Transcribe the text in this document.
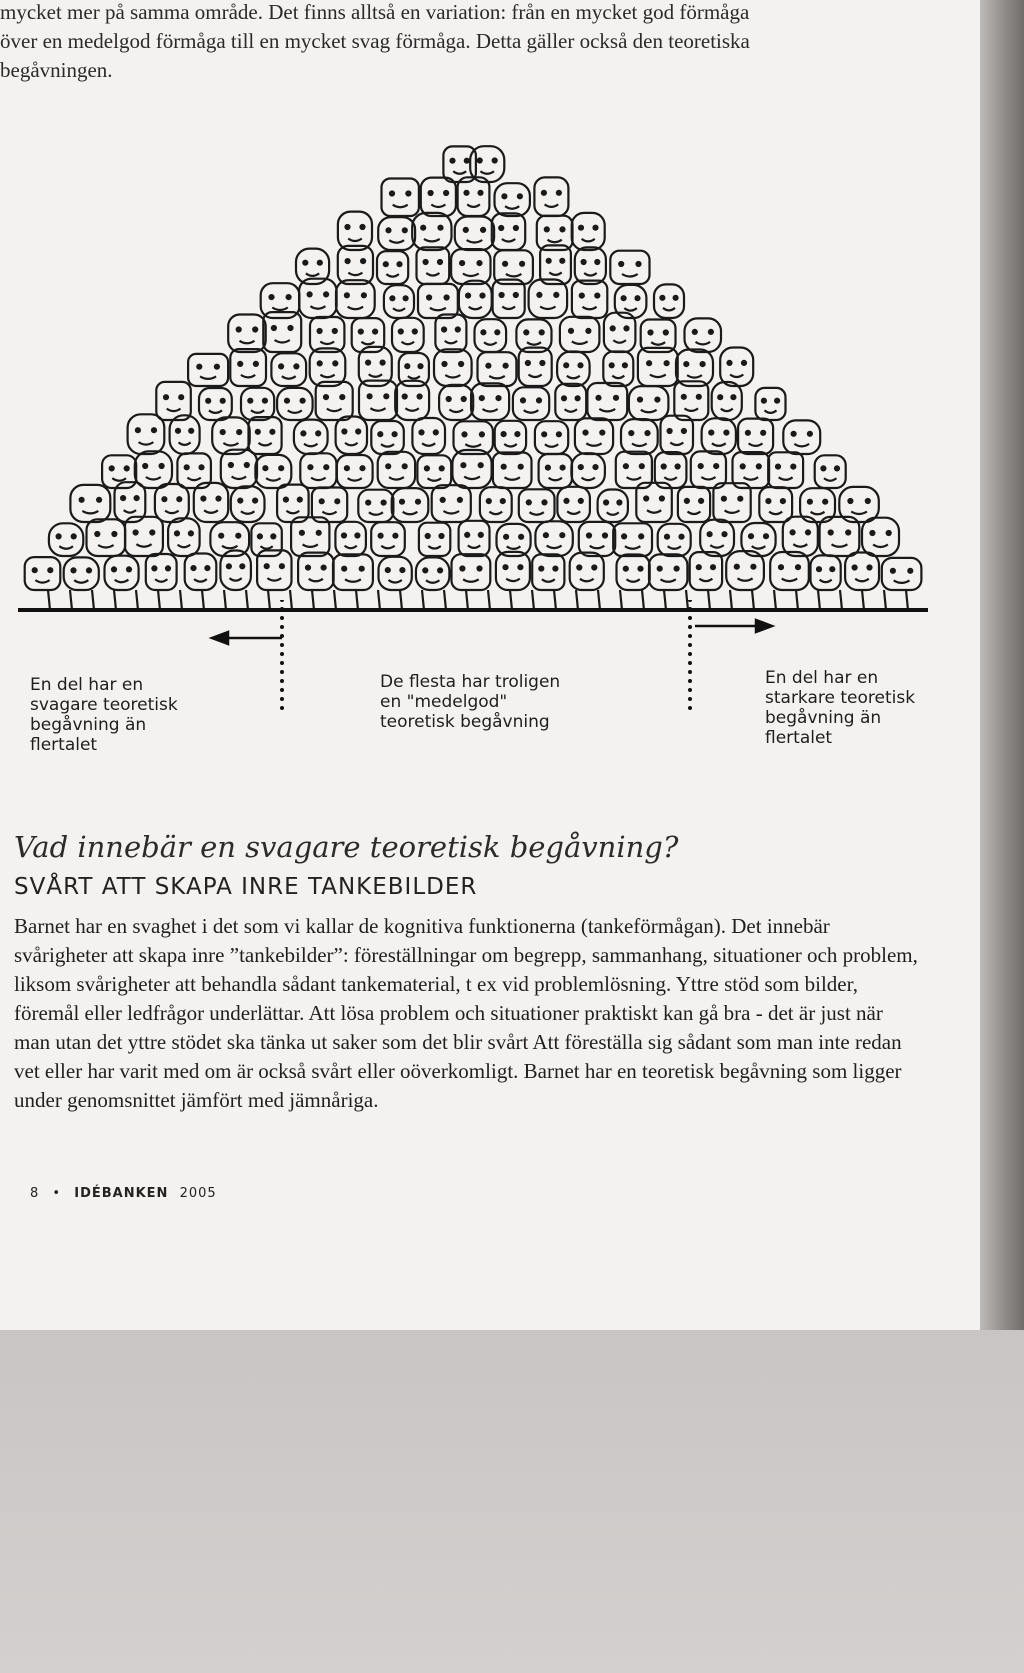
mycket mer på samma område. Det finns alltså en variation: från en mycket god förmåga

över en medelgod förmåga till en mycket svag förmåga. Detta gäller också den teoretiska

begåvningen.

En del har en
svagare teoretisk
begåvning än
flertalet
De flesta har troligen
en "medelgod"
teoretisk begåvning
En del har en
starkare teoretisk
begåvning än
flertalet
Vad innebär en svagare teoretisk begåvning?
SVÅRT ATT SKAPA INRE TANKEBILDER

Barnet har en svaghet i det som vi kallar de kognitiva funktionerna (tankeförmågan). Det innebär svårigheter att skapa inre ”tankebilder”: föreställningar om begrepp, sammanhang, situationer och problem, liksom svårigheter att behandla sådant tankematerial, t ex vid problemlösning. Yttre stöd som bilder, föremål eller ledfrågor underlättar. Att lösa problem och situationer praktiskt kan gå bra - det är just när man utan det yttre stödet ska tänka ut saker som det blir svårt Att föreställa sig sådant som man inte redan vet eller har varit med om är också svårt eller oöverkomligt. Barnet har en teoretisk begåvning som ligger under genomsnittet jämfört med jämnåriga.

8 • IDÉBANKEN 2005
